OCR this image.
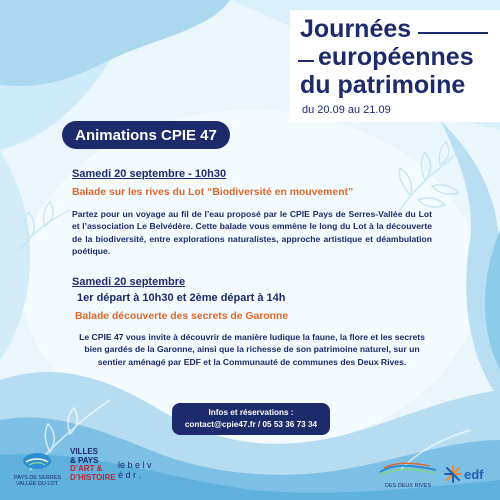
Journées
européennes
du patrimoine
du 20.09 au 21.09
Animations CPIE 47
Samedi 20 septembre - 10h30
Balade sur les rives du Lot “Biodiversité en mouvement”
Partez pour un voyage au fil de l’eau proposé par le CPIE Pays de Serres-Vallée du Lot et l’association Le Belvédère. Cette balade vous emmène le long du Lot à la découverte de la biodiversité, entre explorations naturalistes, approche artistique et déambulation poétique.
Samedi 20 septembre
1er départ à 10h30 et 2ème départ à 14h
Balade découverte des secrets de Garonne
Le CPIE 47 vous invite à découvrir de manière ludique la faune, la flore et les secrets bien gardés de la Garonne, ainsi que la richesse de son patrimoine naturel, sur un sentier aménagé par EDF et la Communauté de communes des Deux Rives.
Infos et réservations :
contact@cpie47.fr / 05 53 36 73 34
PAYS DE SERRES
VALLÉE DU LOT
VILLES
& PAYS
D’ART &
D’HISTOIRE
le b e l v é d r .
DES DEUX RIVES
edf
